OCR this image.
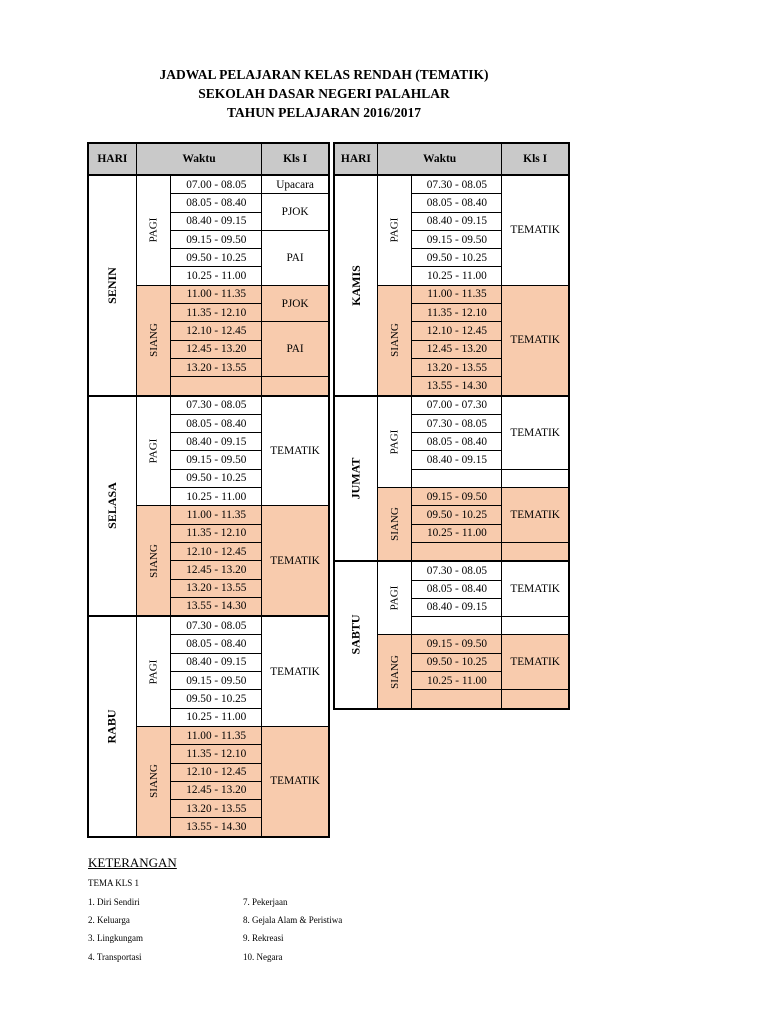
JADWAL PELAJARAN KELAS RENDAH (TEMATIK)
SEKOLAH DASAR NEGERI PALAHLAR
TAHUN PELAJARAN 2016/2017
HARI	Waktu		Kls I
SENIN	PAGI	07.00 - 08.05	Upacara
		08.05 - 08.40	PJOK
		08.40 - 09.15	
		09.15 - 09.50	PAI
		09.50 - 10.25	
		10.25 - 11.00	
	SIANG	11.00 - 11.35	PJOK
		11.35 - 12.10	
		12.10 - 12.45	PAI
		12.45 - 13.20	
		13.20 - 13.55	

SELASA	PAGI	07.30 - 08.05	TEMATIK
		08.05 - 08.40	
		08.40 - 09.15	
		09.15 - 09.50	
		09.50 - 10.25	
		10.25 - 11.00	
	SIANG	11.00 - 11.35	TEMATIK
		11.35 - 12.10	
		12.10 - 12.45	
		12.45 - 13.20	
		13.20 - 13.55	
		13.55 - 14.30	
RABU	PAGI	07.30 - 08.05	TEMATIK
		08.05 - 08.40	
		08.40 - 09.15	
		09.15 - 09.50	
		09.50 - 10.25	
		10.25 - 11.00	
	SIANG	11.00 - 11.35	TEMATIK
		11.35 - 12.10	
		12.10 - 12.45	
		12.45 - 13.20	
		13.20 - 13.55	
		13.55 - 14.30	
HARI	Waktu		Kls I
KAMIS	PAGI	07.30 - 08.05	TEMATIK
		08.05 - 08.40	
		08.40 - 09.15	
		09.15 - 09.50	
		09.50 - 10.25	
		10.25 - 11.00	
	SIANG	11.00 - 11.35	TEMATIK
		11.35 - 12.10	
		12.10 - 12.45	
		12.45 - 13.20	
		13.20 - 13.55	
		13.55 - 14.30	
JUMAT	PAGI	07.00 - 07.30	TEMATIK
		07.30 - 08.05	
		08.05 - 08.40	
		08.40 - 09.15	

	SIANG	09.15 - 09.50	TEMATIK
		09.50 - 10.25	
		10.25 - 11.00	

SABTU	PAGI	07.30 - 08.05	TEMATIK
		08.05 - 08.40	
		08.40 - 09.15	

	SIANG	09.15 - 09.50	TEMATIK
		09.50 - 10.25	
		10.25 - 11.00	

KETERANGAN
TEMA KLS 1
1. Diri Sendiri
2. Keluarga
3. Lingkungam
4. Transportasi
7. Pekerjaan
8. Gejala Alam & Peristiwa
9. Rekreasi
10. Negara
